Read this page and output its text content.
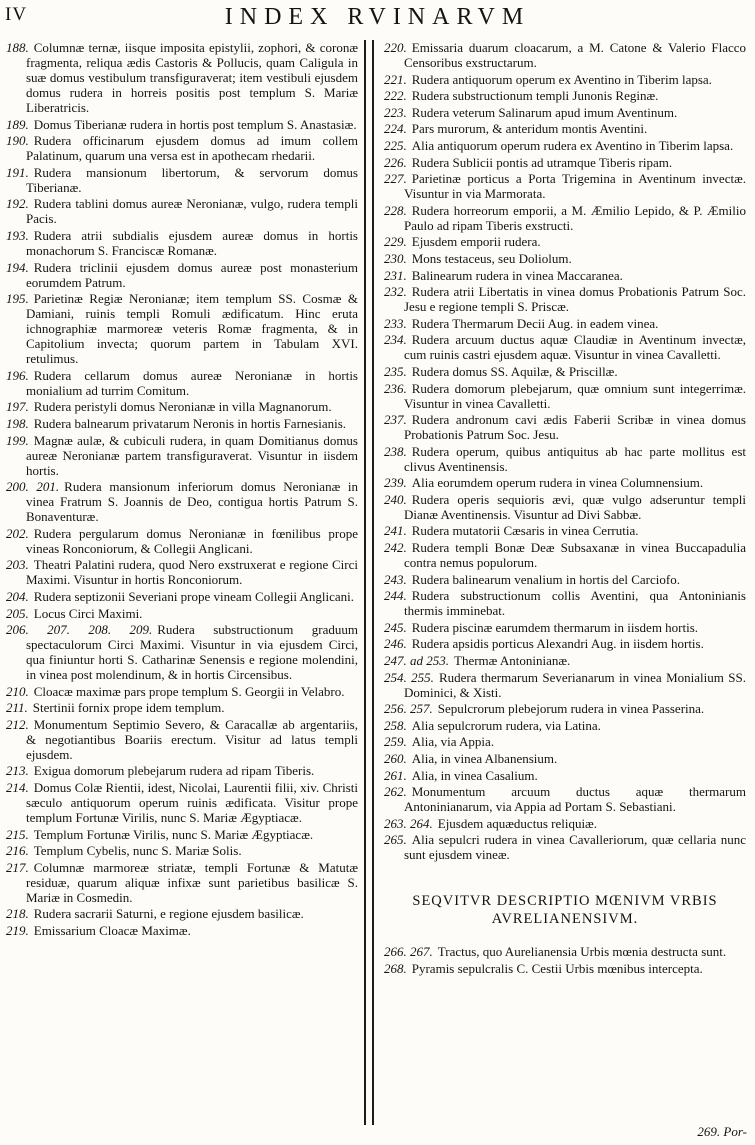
IV	INDEX RVINARVM
188. Columnæ ternæ, iisque imposita epistylii, zophori, & coronæ fragmenta, reliqua ædis Castoris & Pollucis, quam Caligula in suæ domus vestibulum transfiguraverat; item vestibuli ejusdem domus rudera in horreis positis post templum S. Mariæ Liberatricis.
189. Domus Tiberianæ rudera in hortis post templum S. Anastasiæ.
190. Rudera officinarum ejusdem domus ad imum collem Palatinum, quarum una versa est in apothecam rhedarii.
191. Rudera mansionum libertorum, & servorum domus Tiberianæ.
192. Rudera tablini domus aureæ Neronianæ, vulgo, rudera templi Pacis.
193. Rudera atrii subdialis ejusdem aureæ domus in hortis monachorum S. Franciscæ Romanæ.
194. Rudera triclinii ejusdem domus aureæ post monasterium eorumdem Patrum.
195. Parietinæ Regiæ Neronianæ; item templum SS. Cosmæ & Damiani, ruinis templi Romuli ædificatum. Hinc eruta ichnographiæ marmoreæ veteris Romæ fragmenta, & in Capitolium invecta; quorum partem in Tabulam XVI. retulimus.
196. Rudera cellarum domus aureæ Neronianæ in hortis monialium ad turrim Comitum.
197. Rudera peristyli domus Neronianæ in villa Magnanorum.
198. Rudera balnearum privatarum Neronis in hortis Farnesianis.
199. Magnæ aulæ, & cubiculi rudera, in quam Domitianus domus aureæ Neronianæ partem transfiguraverat. Visuntur in iisdem hortis.
200. 201. Rudera mansionum inferiorum domus Neronianæ in vinea Fratrum S. Joannis de Deo, contigua hortis Patrum S. Bonaventuræ.
202. Rudera pergularum domus Neronianæ in fœnilibus prope vineas Ronconiorum, & Collegii Anglicani.
203. Theatri Palatini rudera, quod Nero exstruxerat e regione Circi Maximi. Visuntur in hortis Ronconiorum.
204. Rudera septizonii Severiani prope vineam Collegii Anglicani.
205. Locus Circi Maximi.
206. 207. 208. 209. Rudera substructionum graduum spectaculorum Circi Maximi. Visuntur in via ejusdem Circi, qua finiuntur horti S. Catharinæ Senensis e regione molendini, in vinea post molendinum, & in hortis Circensibus.
210. Cloacæ maximæ pars prope templum S. Georgii in Velabro.
211. Stertinii fornix prope idem templum.
212. Monumentum Septimio Severo, & Caracallæ ab argentariis, & negotiantibus Boariis erectum. Visitur ad latus templi ejusdem.
213. Exigua domorum plebejarum rudera ad ripam Tiberis.
214. Domus Colæ Rientii, idest, Nicolai, Laurentii filii, xiv. Christi sæculo antiquorum operum ruinis ædificata. Visitur prope templum Fortunæ Virilis, nunc S. Mariæ Ægyptiacæ.
215. Templum Fortunæ Virilis, nunc S. Mariæ Ægyptiacæ.
216. Templum Cybelis, nunc S. Mariæ Solis.
217. Columnæ marmoreæ striatæ, templi Fortunæ & Matutæ residuæ, quarum aliquæ infixæ sunt parietibus basilicæ S. Mariæ in Cosmedin.
218. Rudera sacrarii Saturni, e regione ejusdem basilicæ.
219. Emissarium Cloacæ Maximæ.
220. Emissaria duarum cloacarum, a M. Catone & Valerio Flacco Censoribus exstructarum.
221. Rudera antiquorum operum ex Aventino in Tiberim lapsa.
222. Rudera substructionum templi Junonis Reginæ.
223. Rudera veterum Salinarum apud imum Aventinum.
224. Pars murorum, & anteridum montis Aventini.
225. Alia antiquorum operum rudera ex Aventino in Tiberim lapsa.
226. Rudera Sublicii pontis ad utramque Tiberis ripam.
227. Parietinæ porticus a Porta Trigemina in Aventinum invectæ. Visuntur in via Marmorata.
228. Rudera horreorum emporii, a M. Æmilio Lepido, & P. Æmilio Paulo ad ripam Tiberis exstructi.
229. Ejusdem emporii rudera.
230. Mons testaceus, seu Doliolum.
231. Balinearum rudera in vinea Maccaranea.
232. Rudera atrii Libertatis in vinea domus Probationis Patrum Soc. Jesu e regione templi S. Priscæ.
233. Rudera Thermarum Decii Aug. in eadem vinea.
234. Rudera arcuum ductus aquæ Claudiæ in Aventinum invectæ, cum ruinis castri ejusdem aquæ. Visuntur in vinea Cavalletti.
235. Rudera domus SS. Aquilæ, & Priscillæ.
236. Rudera domorum plebejarum, quæ omnium sunt integerrimæ. Visuntur in vinea Cavalletti.
237. Rudera andronum cavi ædis Faberii Scribæ in vinea domus Probationis Patrum Soc. Jesu.
238. Rudera operum, quibus antiquitus ab hac parte mollitus est clivus Aventinensis.
239. Alia eorumdem operum rudera in vinea Columnensium.
240. Rudera operis sequioris ævi, quæ vulgo adseruntur templi Dianæ Aventinensis. Visuntur ad Divi Sabbæ.
241. Rudera mutatorii Cæsaris in vinea Cerrutia.
242. Rudera templi Bonæ Deæ Subsaxanæ in vinea Buccapadulia contra nemus populorum.
243. Rudera balinearum venalium in hortis del Carciofo.
244. Rudera substructionum collis Aventini, qua Antoninianis thermis imminebat.
245. Rudera piscinæ earumdem thermarum in iisdem hortis.
246. Rudera apsidis porticus Alexandri Aug. in iisdem hortis.
247. ad 253. Thermæ Antoninianæ.
254. 255. Rudera thermarum Severianarum in vinea Monialium SS. Dominici, & Xisti.
256. 257. Sepulcrorum plebejorum rudera in vinea Passerina.
258. Alia sepulcrorum rudera, via Latina.
259. Alia, via Appia.
260. Alia, in vinea Albanensium.
261. Alia, in vinea Casalium.
262. Monumentum arcuum ductus aquæ thermarum Antoninianarum, via Appia ad Portam S. Sebastiani.
263. 264. Ejusdem aquæductus reliquiæ.
265. Alia sepulcri rudera in vinea Cavalleriorum, quæ cellaria nunc sunt ejusdem vineæ.
SEQVITVR DESCRIPTIO MŒNIVM VRBIS
AVRELIANENSIVM.
266. 267. Tractus, quo Aurelianensia Urbis mœnia destructa sunt.
268. Pyramis sepulcralis C. Cestii Urbis mœnibus intercepta.
269. Por-
